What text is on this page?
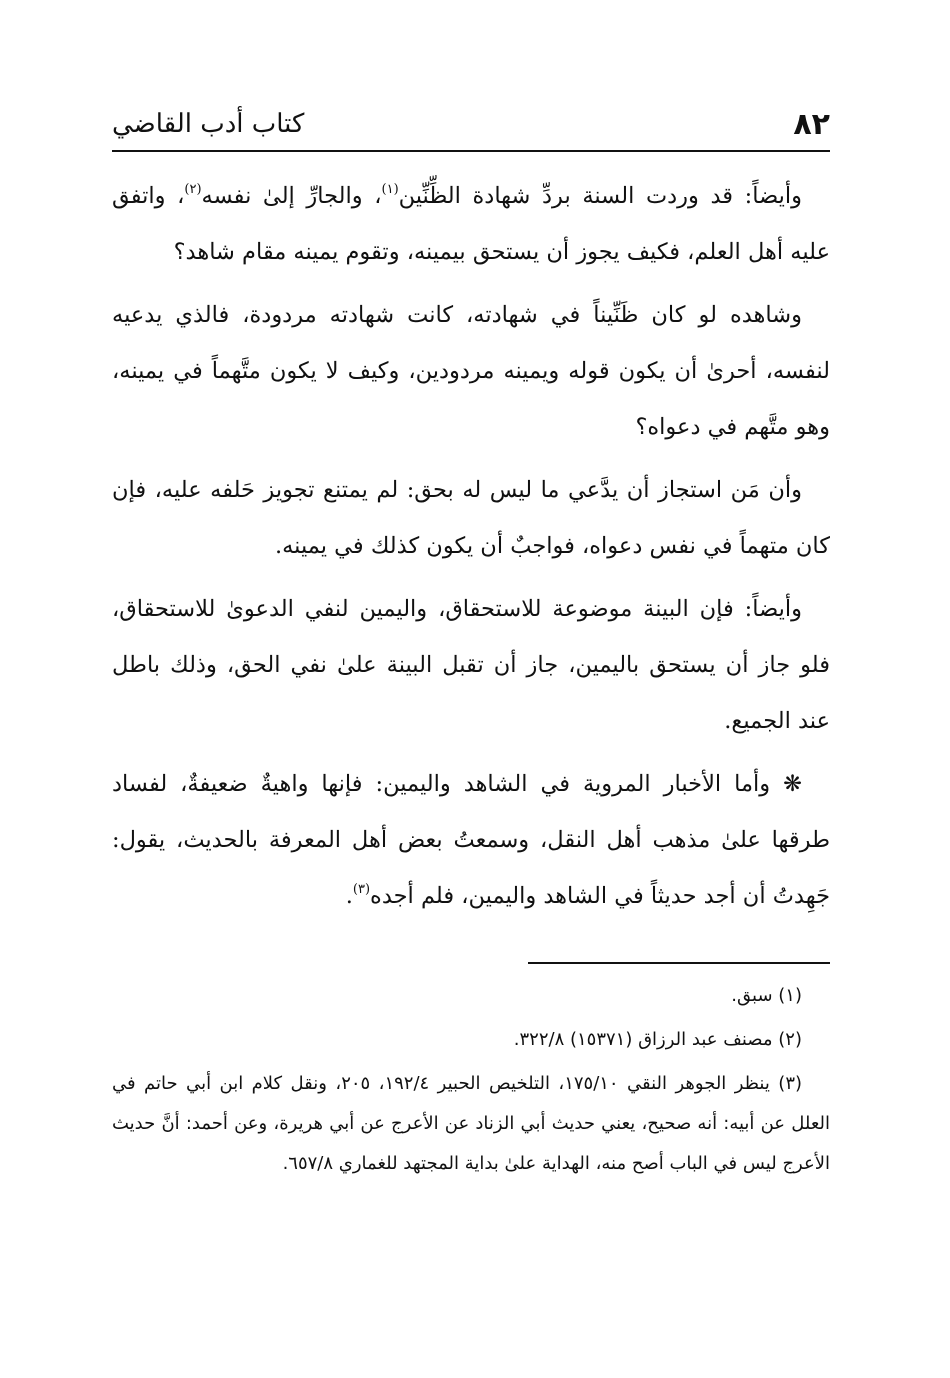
٨٢
كتاب أدب القاضي

وأيضاً: قد وردت السنة بردِّ شهادة الظِّنِّين$^{(١)}$، والجارِّ إلىٰ نفسه$^{(٢)}$، واتفق عليه أهل العلم، فكيف يجوز أن يستحق بيمينه، وتقوم يمينه مقام شاهد؟

وشاهده لو كان ظَنِّيناً في شهادته، كانت شهادته مردودة، فالذي يدعيه لنفسه، أحرىٰ أن يكون قوله ويمينه مردودين، وكيف لا يكون متَّهماً في يمينه، وهو متَّهم في دعواه؟

وأن مَن استجاز أن يدَّعي ما ليس له بحق: لم يمتنع تجويز حَلفه عليه، فإن كان متهماً في نفس دعواه، فواجبٌ أن يكون كذلك في يمينه.

وأيضاً: فإن البينة موضوعة للاستحقاق، واليمين لنفي الدعوىٰ للاستحقاق، فلو جاز أن يستحق باليمين، جاز أن تقبل البينة علىٰ نفي الحق، وذلك باطل عند الجميع.

❋ وأما الأخبار المروية في الشاهد واليمين: فإنها واهيةٌ ضعيفةٌ، لفساد طرقها علىٰ مذهب أهل النقل، وسمعتُ بعض أهل المعرفة بالحديث، يقول: جَهِدتُ أن أجد حديثاً في الشاهد واليمين، فلم أجده$^{(٣)}$.

(١) سبق.

(٢) مصنف عبد الرزاق (١٥٣٧١) ٣٢٢/٨.

(٣) ينظر الجوهر النقي ١٧٥/١٠، التلخيص الحبير ١٩٢/٤، ٢٠٥، ونقل كلام ابن أبي حاتم في العلل عن أبيه: أنه صحيح، يعني حديث أبي الزناد عن الأعرج عن أبي هريرة، وعن أحمد: أنَّ حديث الأعرج ليس في الباب أصح منه، الهداية علىٰ بداية المجتهد للغماري ٦٥٧/٨.
